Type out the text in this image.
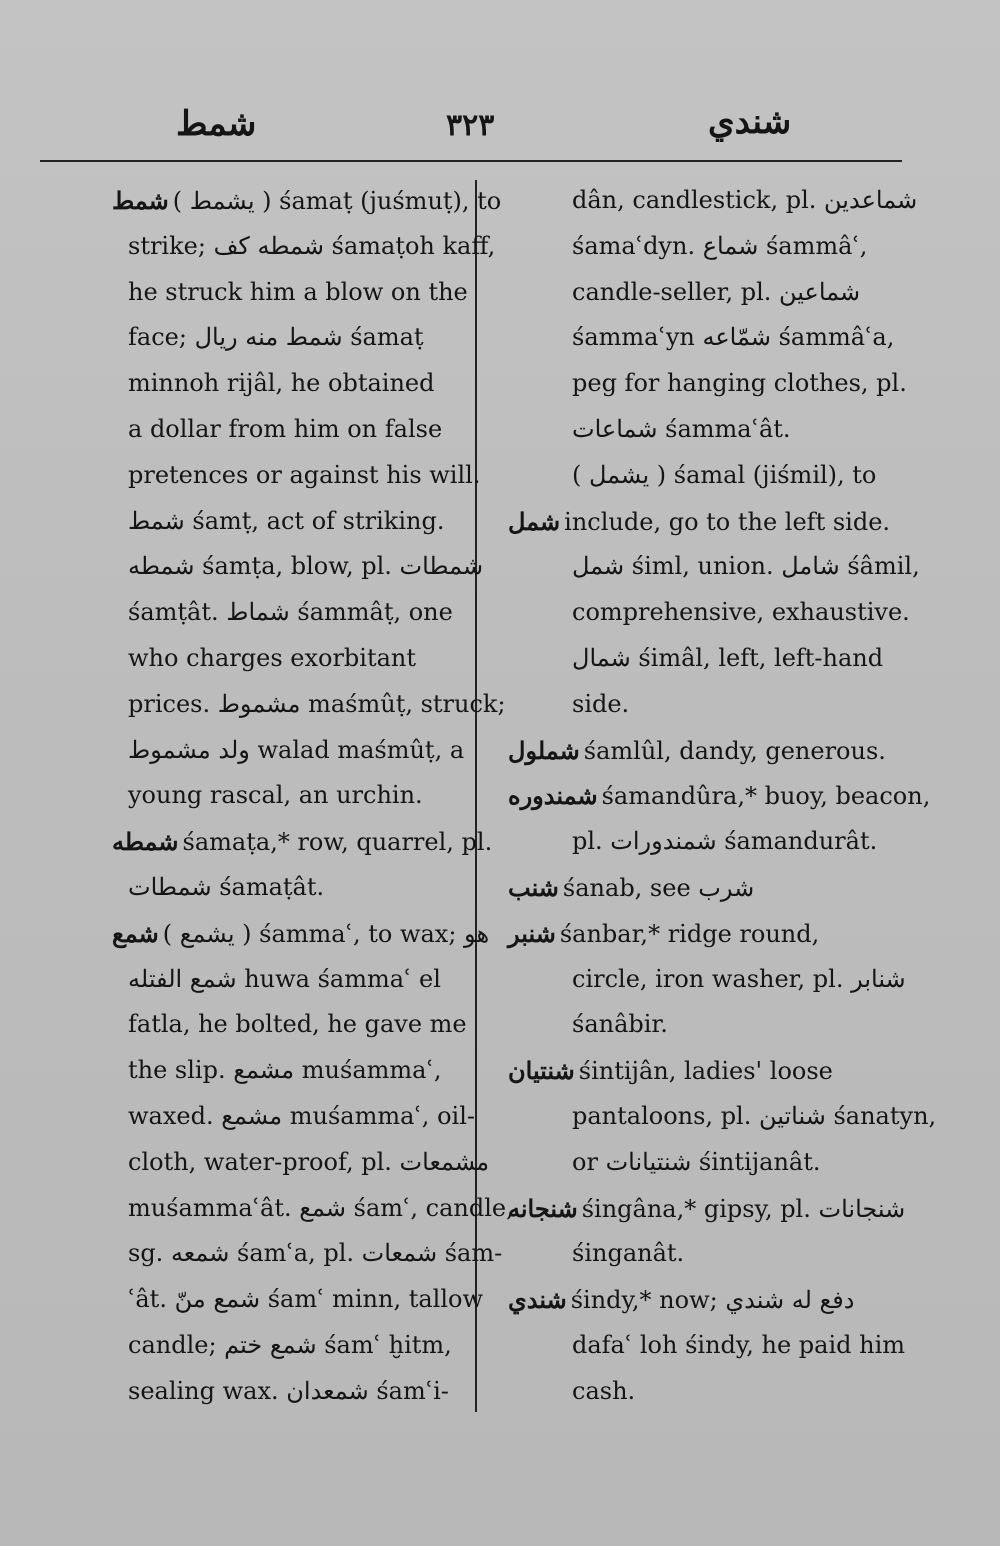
شمط	٣٢٣	شندي
شمط ( يشمط ) śamaṭ (juśmuṭ), to
strike; شمطه كف śamaṭoh kaff,
he struck him a blow on the
face; شمط منه ريال śamaṭ
minnoh rijâl, he obtained
a dollar from him on false
pretences or against his will.
شمط śamṭ, act of striking.
شمطه śamṭa, blow, pl. شمطات
śamṭât. شماط śammâṭ, one
who charges exorbitant
prices. مشموط maśmûṭ, struck;
ولد مشموط walad maśmûṭ, a
young rascal, an urchin.
شمطه śamaṭa,* row, quarrel, pl.
شمطات śamaṭât.
شمع ( يشمع ) śammaʿ, to wax; هو
شمع الفتله huwa śammaʿ el
fatla, he bolted, he gave me
the slip. مشمع muśammaʿ,
waxed. مشمع muśammaʿ, oil-
cloth, water-proof, pl. مشمعات
muśammaʿât. شمع śamʿ, candle,
sg. شمعه śamʿa, pl. شمعات śam-
ʿât. شمع منّ śamʿ minn, tallow
candle; شمع ختم śamʿ ḫitm,
sealing wax. شمعدان śamʿi-
dân, candlestick, pl. شماعدين
śamaʿdyn. شماع śammâʿ,
candle-seller, pl. شماعين
śammaʿyn شمّاعه śammâʿa,
peg for hanging clothes, pl.
شماعات śammaʿât.
( يشمل ) śamal (jiśmil), to
شمل include, go to the left side.
شمل śiml, union. شامل śâmil,
comprehensive, exhaustive.
شمال śimâl, left, left-hand
side.
شملول śamlûl, dandy, generous.
شمندوره śamandûra,* buoy, beacon,
pl. شمندورات śamandurât.
شنب śanab, see شرب
شنبر śanbar,* ridge round,
circle, iron washer, pl. شنابر
śanâbir.
شنتيان śintijân, ladies' loose
pantaloons, pl. شناتين śanatyn,
or شنتيانات śintijanât.
شنجانه śingâna,* gipsy, pl. شنجانات
śinganât.
شندي śindy,* now; دفع له شندي
dafaʿ loh śindy, he paid him
cash.
